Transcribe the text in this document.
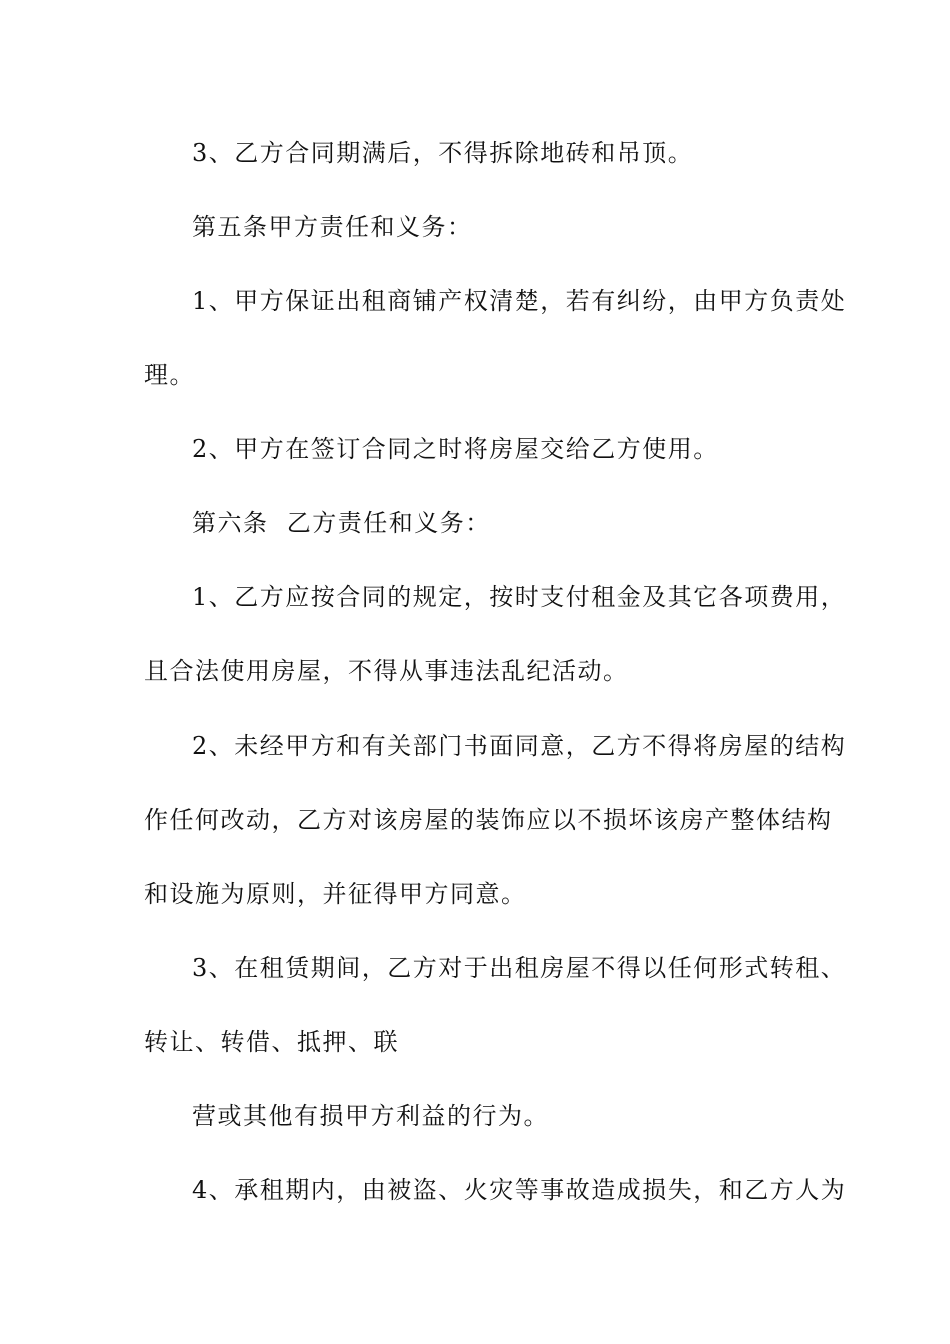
3、乙方合同期满后，不得拆除地砖和吊顶。
第五条甲方责任和义务：
1、甲方保证出租商铺产权清楚，若有纠纷，由甲方负责处
理。
2、甲方在签订合同之时将房屋交给乙方使用。
第六条  乙方责任和义务：
1、乙方应按合同的规定，按时支付租金及其它各项费用，
且合法使用房屋，不得从事违法乱纪活动。
2、未经甲方和有关部门书面同意，乙方不得将房屋的结构
作任何改动，乙方对该房屋的装饰应以不损坏该房产整体结构
和设施为原则，并征得甲方同意。
3、在租赁期间，乙方对于出租房屋不得以任何形式转租、
转让、转借、抵押、联
营或其他有损甲方利益的行为。
4、承租期内，由被盗、火灾等事故造成损失，和乙方人为
